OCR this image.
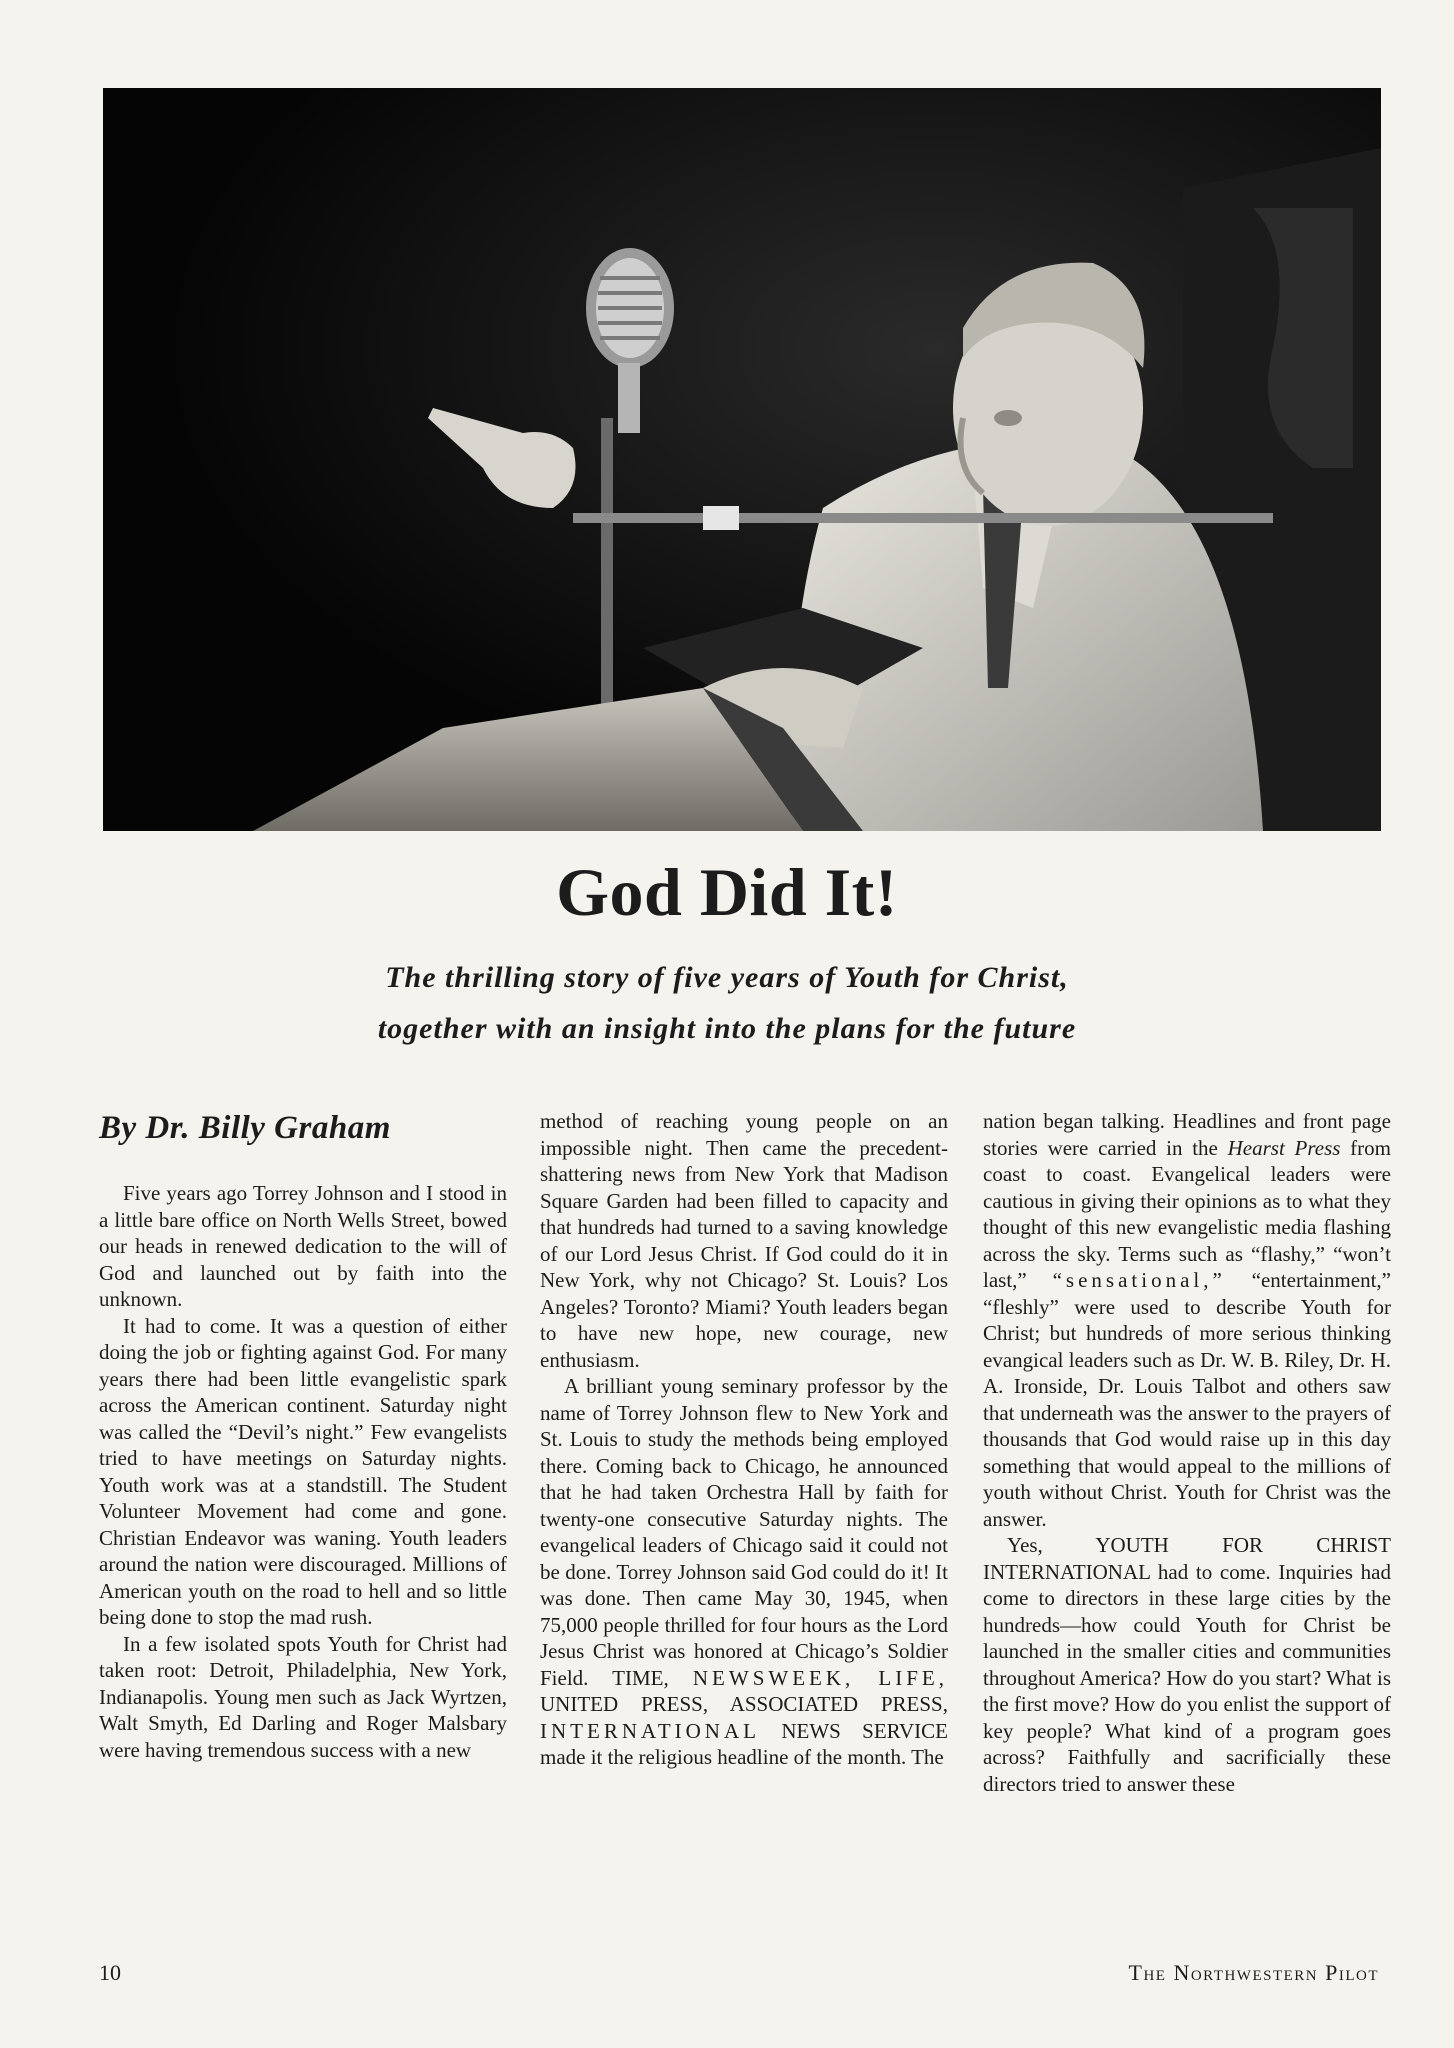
God Did It!
The thrilling story of five years of Youth for Christ,
together with an insight into the plans for the future
By Dr. Billy Graham

Five years ago Torrey Johnson and I stood in a little bare office on North Wells Street, bowed our heads in renewed dedication to the will of God and launched out by faith into the unknown.

It had to come. It was a question of either doing the job or fighting against God. For many years there had been little evangelistic spark across the American continent. Saturday night was called the “Devil’s night.” Few evangelists tried to have meetings on Saturday nights. Youth work was at a standstill. The Student Volunteer Movement had come and gone. Christian Endeavor was waning. Youth leaders around the nation were discouraged. Millions of American youth on the road to hell and so little being done to stop the mad rush.

In a few isolated spots Youth for Christ had taken root: Detroit, Philadelphia, New York, Indianapolis. Young men such as Jack Wyrtzen, Walt Smyth, Ed Darling and Roger Malsbary were having tremendous success with a new

method of reaching young people on an impossible night. Then came the precedent-shattering news from New York that Madison Square Garden had been filled to capacity and that hundreds had turned to a saving knowledge of our Lord Jesus Christ. If God could do it in New York, why not Chicago? St. Louis? Los Angeles? Toronto? Miami? Youth leaders began to have new hope, new courage, new enthusiasm.

A brilliant young seminary professor by the name of Torrey Johnson flew to New York and St. Louis to study the methods being employed there. Coming back to Chicago, he announced that he had taken Orchestra Hall by faith for twenty-one consecutive Saturday nights. The evangelical leaders of Chicago said it could not be done. Torrey Johnson said God could do it! It was done. Then came May 30, 1945, when 75,000 people thrilled for four hours as the Lord Jesus Christ was honored at Chicago’s Soldier Field. TIME, NEWSWEEK, LIFE, UNITED PRESS, ASSOCIATED PRESS, INTERNATIONAL NEWS SERVICE made it the religious headline of the month. The

nation began talking. Headlines and front page stories were carried in the Hearst Press from coast to coast. Evangelical leaders were cautious in giving their opinions as to what they thought of this new evangelistic media flashing across the sky. Terms such as “flashy,” “won’t last,” “sensational,” “entertainment,” “fleshly” were used to describe Youth for Christ; but hundreds of more serious thinking evangical leaders such as Dr. W. B. Riley, Dr. H. A. Ironside, Dr. Louis Talbot and others saw that underneath was the answer to the prayers of thousands that God would raise up in this day something that would appeal to the millions of youth without Christ. Youth for Christ was the answer.

Yes, YOUTH FOR CHRIST INTERNATIONAL had to come. Inquiries had come to directors in these large cities by the hundreds—how could Youth for Christ be launched in the smaller cities and communities throughout America? How do you start? What is the first move? How do you enlist the support of key people? What kind of a program goes across? Faithfully and sacrificially these directors tried to answer these

10	The Northwestern Pilot
